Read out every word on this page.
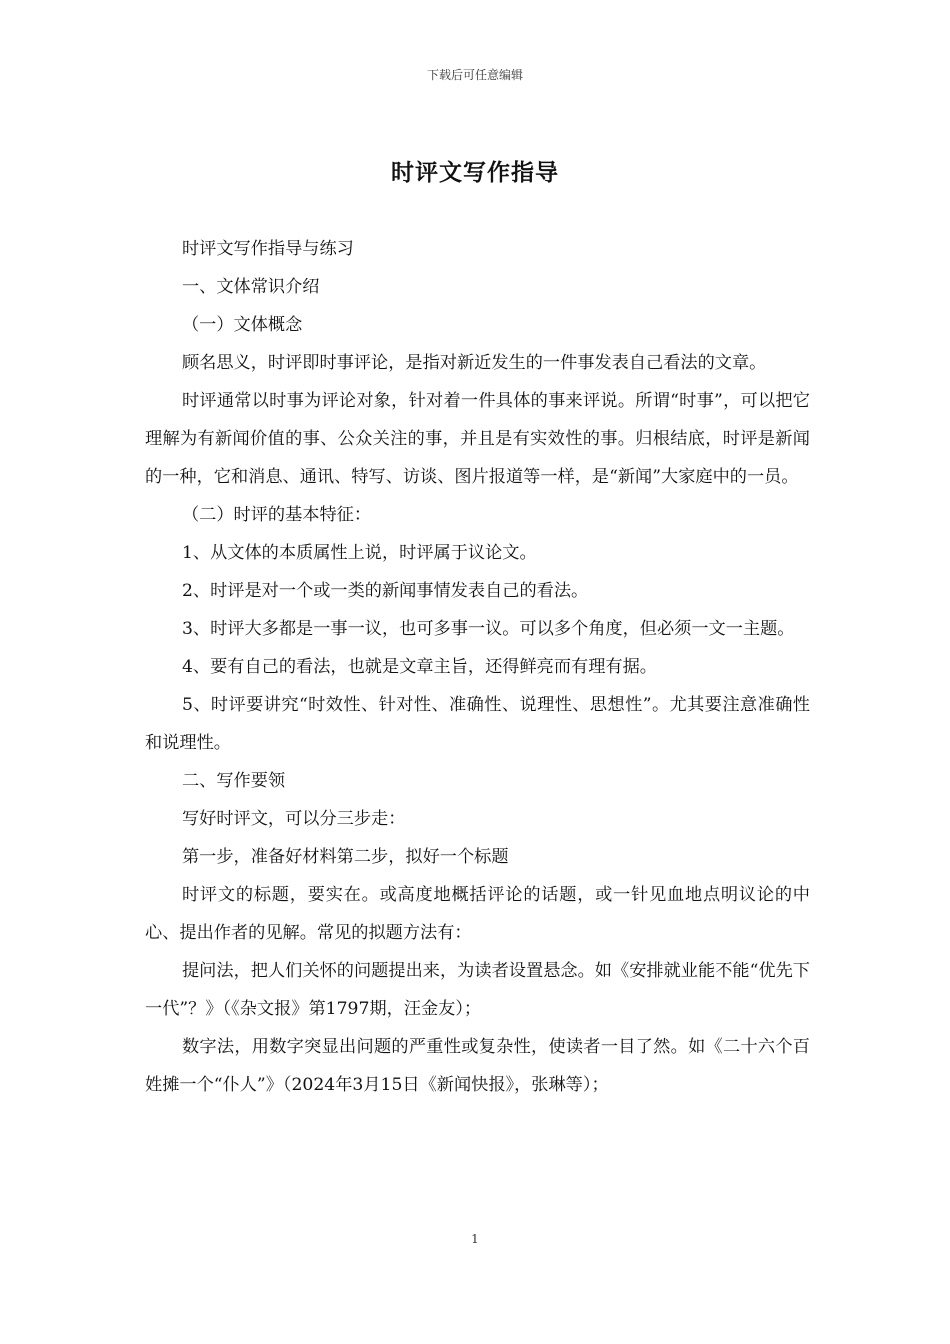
下载后可任意编辑
时评文写作指导

时评文写作指导与练习

一、文体常识介绍

（一）文体概念

顾名思义，时评即时事评论，是指对新近发生的一件事发表自己看法的文章。

时评通常以时事为评论对象，针对着一件具体的事来评说。所谓“时事”，可以把它理解为有新闻价值的事、公众关注的事，并且是有实效性的事。归根结底，时评是新闻的一种，它和消息、通讯、特写、访谈、图片报道等一样，是“新闻”大家庭中的一员。

（二）时评的基本特征：

1、从文体的本质属性上说，时评属于议论文。

2、时评是对一个或一类的新闻事情发表自己的看法。

3、时评大多都是一事一议，也可多事一议。可以多个角度，但必须一文一主题。

4、要有自己的看法，也就是文章主旨，还得鲜亮而有理有据。

5、时评要讲究“时效性、针对性、准确性、说理性、思想性”。尤其要注意准确性和说理性。

二、写作要领

写好时评文，可以分三步走：

第一步，准备好材料第二步，拟好一个标题

时评文的标题，要实在。或高度地概括评论的话题，或一针见血地点明议论的中心、提出作者的见解。常见的拟题方法有：

提问法，把人们关怀的问题提出来，为读者设置悬念。如《安排就业能不能“优先下一代”？》（《杂文报》第1797期，汪金友）；

数字法，用数字突显出问题的严重性或复杂性，使读者一目了然。如《二十六个百姓摊一个“仆人”》（2024年3月15日《新闻快报》，张琳等）；

1
